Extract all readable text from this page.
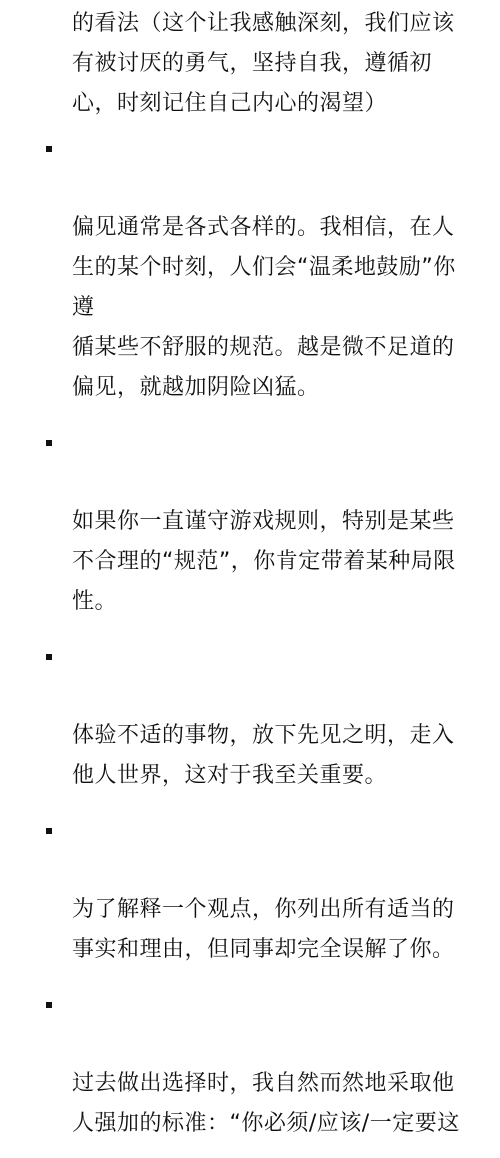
的看法（这个让我感触深刻，我们应该
有被讨厌的勇气，坚持自我，遵循初
心，时刻记住自己内心的渴望）

偏见通常是各式各样的。我相信，在人
生的某个时刻，人们会“温柔地鼓励”你遵
循某些不舒服的规范。越是微不足道的
偏见，就越加阴险凶猛。

如果你一直谨守游戏规则，特别是某些
不合理的“规范”，你肯定带着某种局限
性。

体验不适的事物，放下先见之明，走入
他人世界，这对于我至关重要。

为了解释一个观点，你列出所有适当的
事实和理由，但同事却完全误解了你。

过去做出选择时，我自然而然地采取他
人强加的标准：“你必须/应该/一定要这
